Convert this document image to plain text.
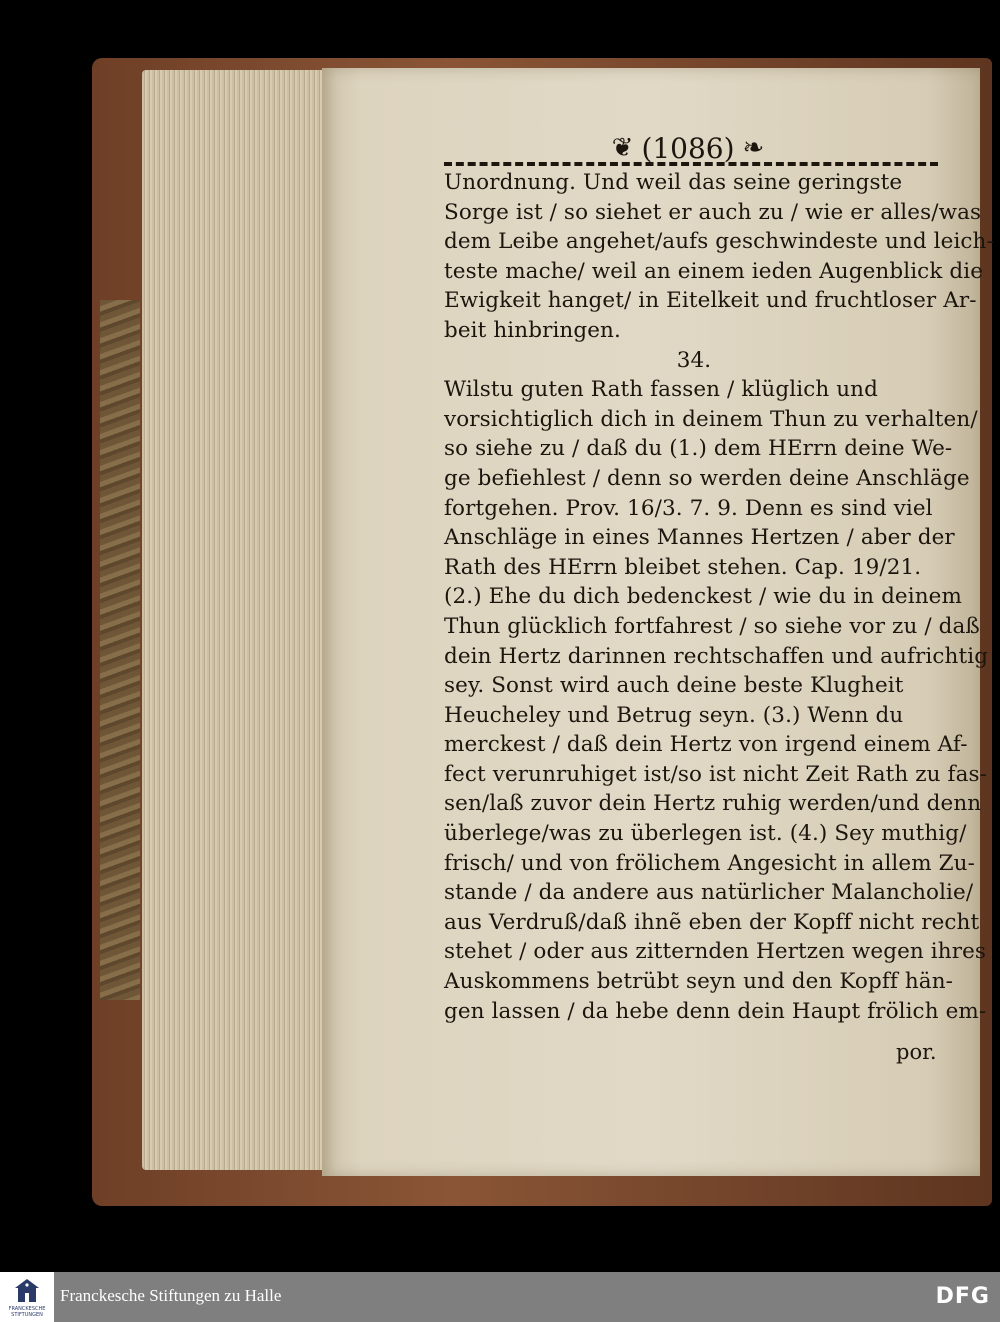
❦ (1086) ❧
Unordnung. Und weil das seine geringste
Sorge ist / so siehet er auch zu / wie er alles/was
dem Leibe angehet/aufs geschwindeste und leich-
teste mache/ weil an einem ieden Augenblick die
Ewigkeit hanget/ in Eitelkeit und fruchtloser Ar-
beit hinbringen.
34.
Wilstu guten Rath fassen / klüglich und
vorsichtiglich dich in deinem Thun zu verhalten/
so siehe zu / daß du (1.) dem HErrn deine We-
ge befiehlest / denn so werden deine Anschläge
fortgehen. Prov. 16/3. 7. 9. Denn es sind viel
Anschläge in eines Mannes Hertzen / aber der
Rath des HErrn bleibet stehen. Cap. 19/21.
(2.) Ehe du dich bedenckest / wie du in deinem
Thun glücklich fortfahrest / so siehe vor zu / daß
dein Hertz darinnen rechtschaffen und aufrichtig
sey. Sonst wird auch deine beste Klugheit
Heucheley und Betrug seyn. (3.) Wenn du
merckest / daß dein Hertz von irgend einem Af-
fect verunruhiget ist/so ist nicht Zeit Rath zu fas-
sen/laß zuvor dein Hertz ruhig werden/und denn
überlege/was zu überlegen ist. (4.) Sey muthig/
frisch/ und von frölichem Angesicht in allem Zu-
stande / da andere aus natürlicher Malancholie/
aus Verdruß/daß ihnẽ eben der Kopff nicht recht
stehet / oder aus zitternden Hertzen wegen ihres
Auskommens betrübt seyn und den Kopff hän-
gen lassen / da hebe denn dein Haupt frölich em-
por.
FRANCKESCHE
STIFTUNGEN
Franckesche Stiftungen zu Halle	DFG
